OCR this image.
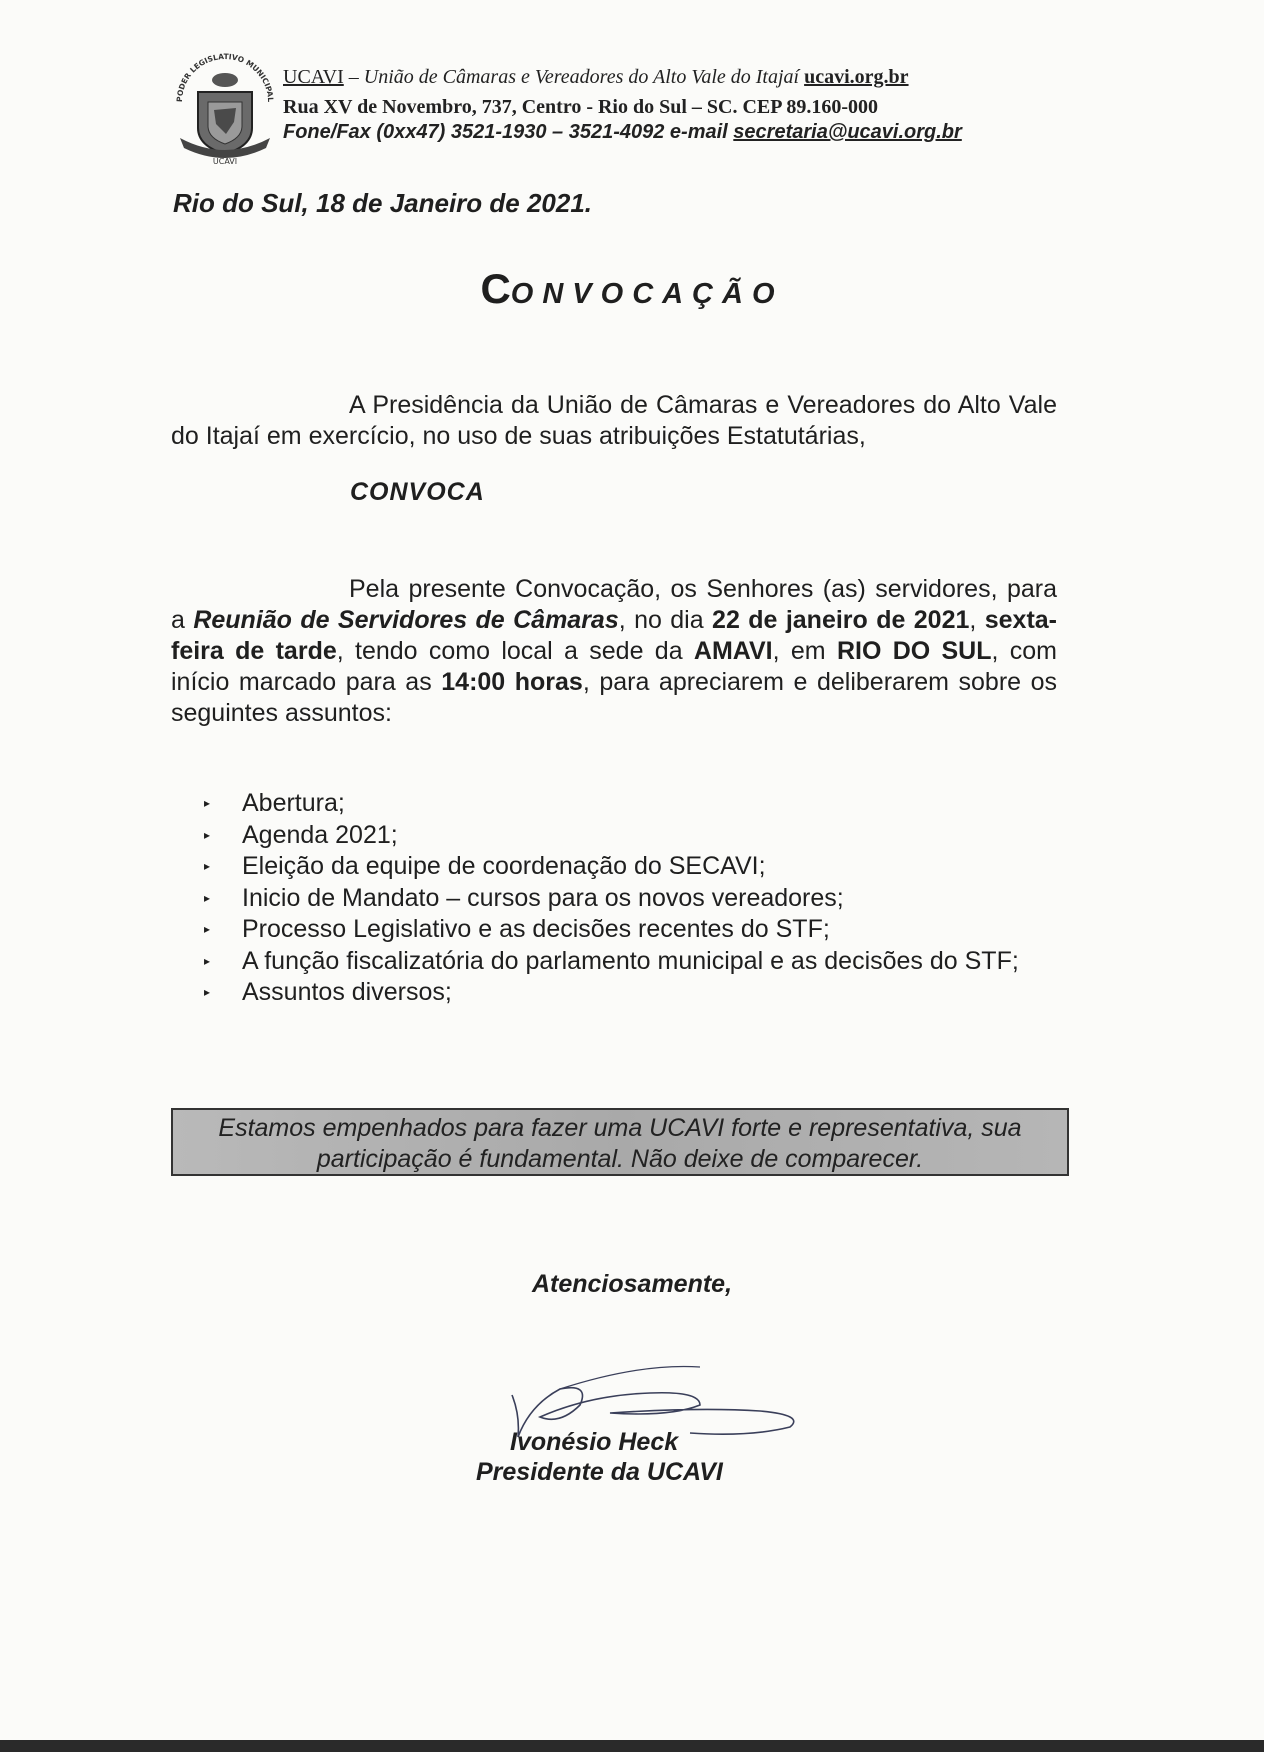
PODER LEGISLATIVO MUNICIPAL
UCAVI
UCAVI – União de Câmaras e Vereadores do Alto Vale do Itajaí ucavi.org.br
Rua XV de Novembro, 737, Centro - Rio do Sul – SC. CEP 89.160-000
Fone/Fax (0xx47) 3521-1930 – 3521-4092 e-mail secretaria@ucavi.org.br
Rio do Sul, 18 de Janeiro de 2021.
CONVOCAÇÃO
A Presidência da União de Câmaras e Vereadores do Alto Vale do Itajaí em exercício, no uso de suas atribuições Estatutárias,
CONVOCA
Pela presente Convocação, os Senhores (as) servidores, para a Reunião de Servidores de Câmaras, no dia 22 de janeiro de 2021, sexta-feira de tarde, tendo como local a sede da AMAVI, em RIO DO SUL, com início marcado para as 14:00 horas, para apreciarem e deliberarem sobre os seguintes assuntos:
▸ Abertura;
▸ Agenda 2021;
▸ Eleição da equipe de coordenação do SECAVI;
▸ Inicio de Mandato – cursos para os novos vereadores;
▸ Processo Legislativo e as decisões recentes do STF;
▸ A função fiscalizatória do parlamento municipal e as decisões do STF;
▸ Assuntos diversos;
Estamos empenhados para fazer uma UCAVI forte e representativa, sua participação é fundamental. Não deixe de comparecer.
Atenciosamente,
Ivonésio Heck
Presidente da UCAVI
